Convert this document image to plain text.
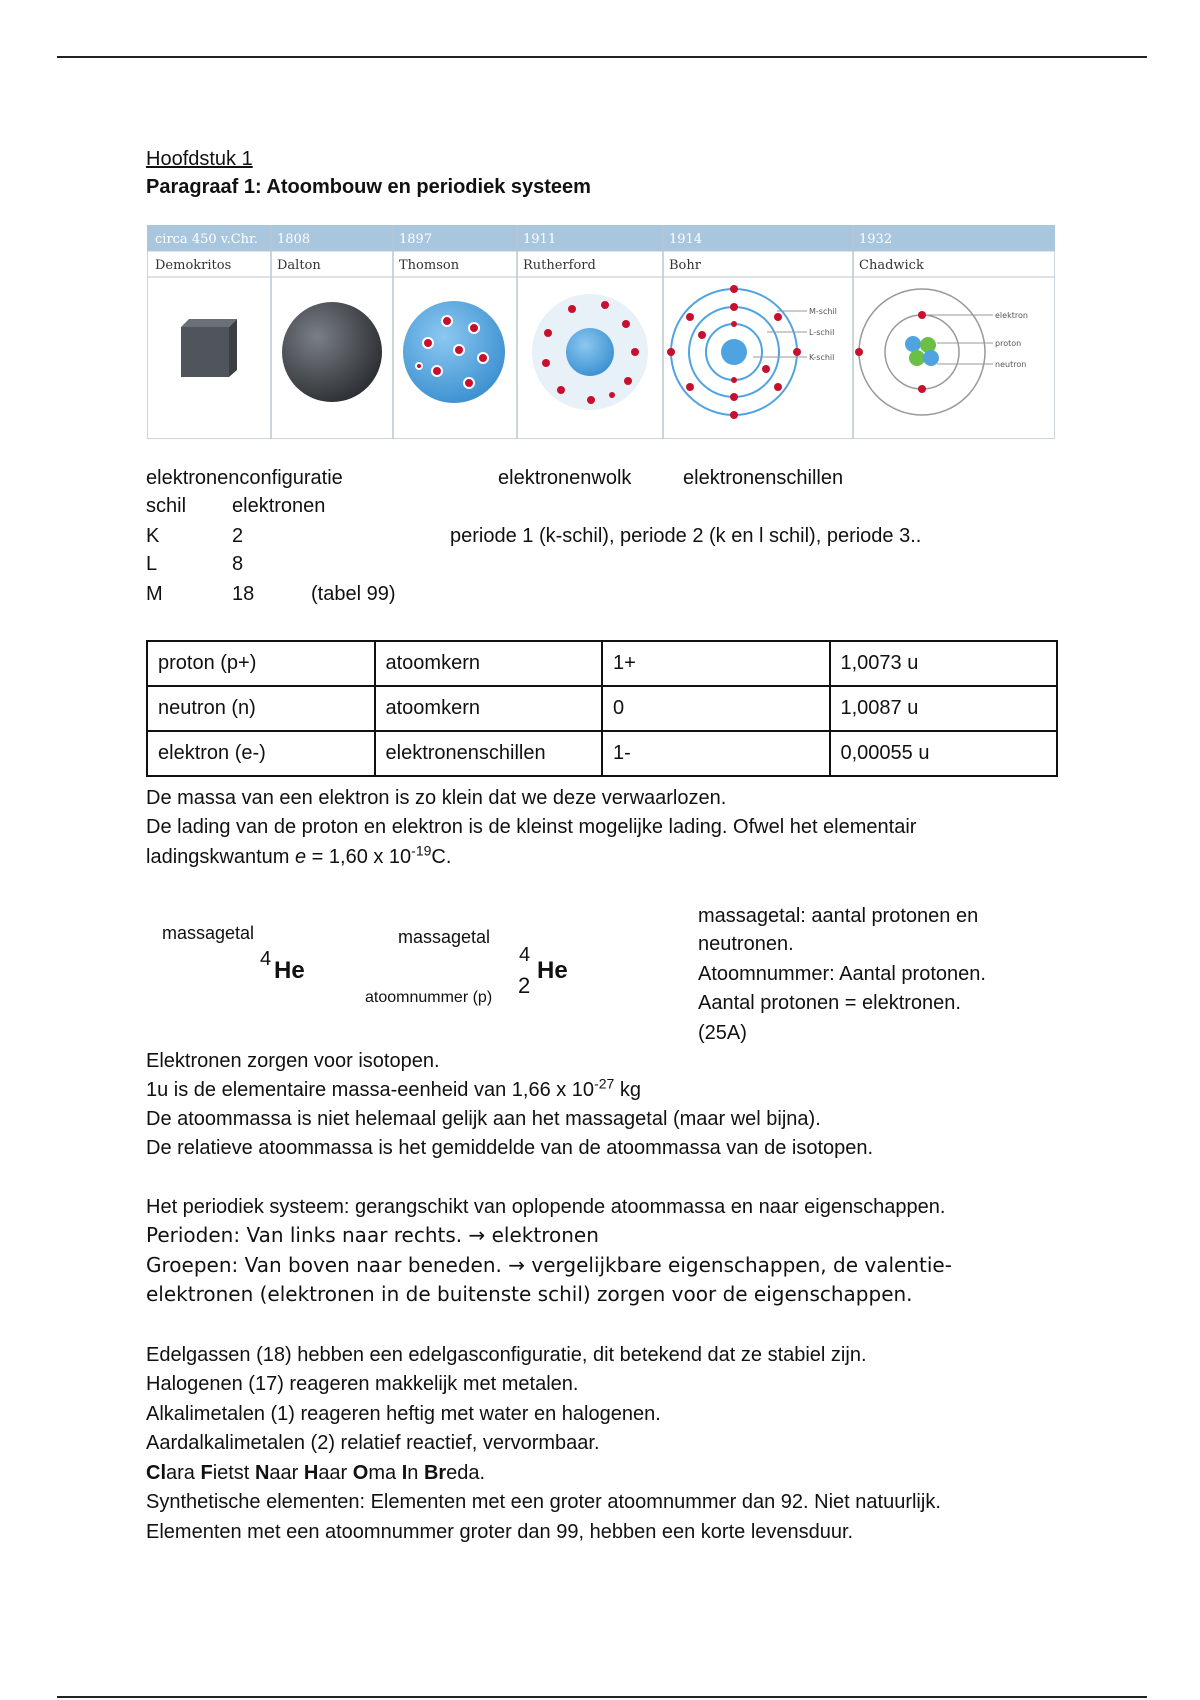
Hoofdstuk 1
Paragraaf 1: Atoombouw en periodiek systeem
circa 450 v.Chr. 1808	1897	1911	1914	1932
Demokritos	Dalton	Thomson	Rutherford	Bohr	Chadwick
M-schil
L-schil
K-schil
elektron
proton
neutron
elektronenconfiguratie	elektronenwolk	elektronenschillen
schil elektronen
K	2	periode 1 (k-schil), periode 2 (k en l schil), periode 3..
L	8
M	18	(tabel 99)
proton (p+)	atoomkern	1+	1,0073 u
neutron (n)	atoomkern	0	1,0087 u
elektron (e-)	elektronenschillen	1-	0,00055 u
De massa van een elektron is zo klein dat we deze verwaarlozen.
De lading van de proton en elektron is de kleinst mogelijke lading. Ofwel het elementair
ladingskwantum e = 1,60 x $10^{-19}C$.
massagetal
4 He
massagetal
atoomnummer (p)
4
2
He
massagetal: aantal protonen en
neutronen.
Atoomnummer: Aantal protonen.
Aantal protonen = elektronen.
(25A)
Elektronen zorgen voor isotopen.
1u is de elementaire massa-eenheid van 1,66 x $10^{-27}$ kg
De atoommassa is niet helemaal gelijk aan het massagetal (maar wel bijna).
De relatieve atoommassa is het gemiddelde van de atoommassa van de isotopen.
Het periodiek systeem: gerangschikt van oplopende atoommassa en naar eigenschappen.
Perioden: Van links naar rechts. → elektronen
Groepen: Van boven naar beneden. → vergelijkbare eigenschappen, de valentie-
elektronen (elektronen in de buitenste schil) zorgen voor de eigenschappen.
Edelgassen (18) hebben een edelgasconfiguratie, dit betekend dat ze stabiel zijn.
Halogenen (17) reageren makkelijk met metalen.
Alkalimetalen (1) reageren heftig met water en halogenen.
Aardalkalimetalen (2) relatief reactief, vervormbaar.
Clara Fietst Naar Haar Oma In Breda.
Synthetische elementen: Elementen met een groter atoomnummer dan 92. Niet natuurlijk.
Elementen met een atoomnummer groter dan 99, hebben een korte levensduur.
